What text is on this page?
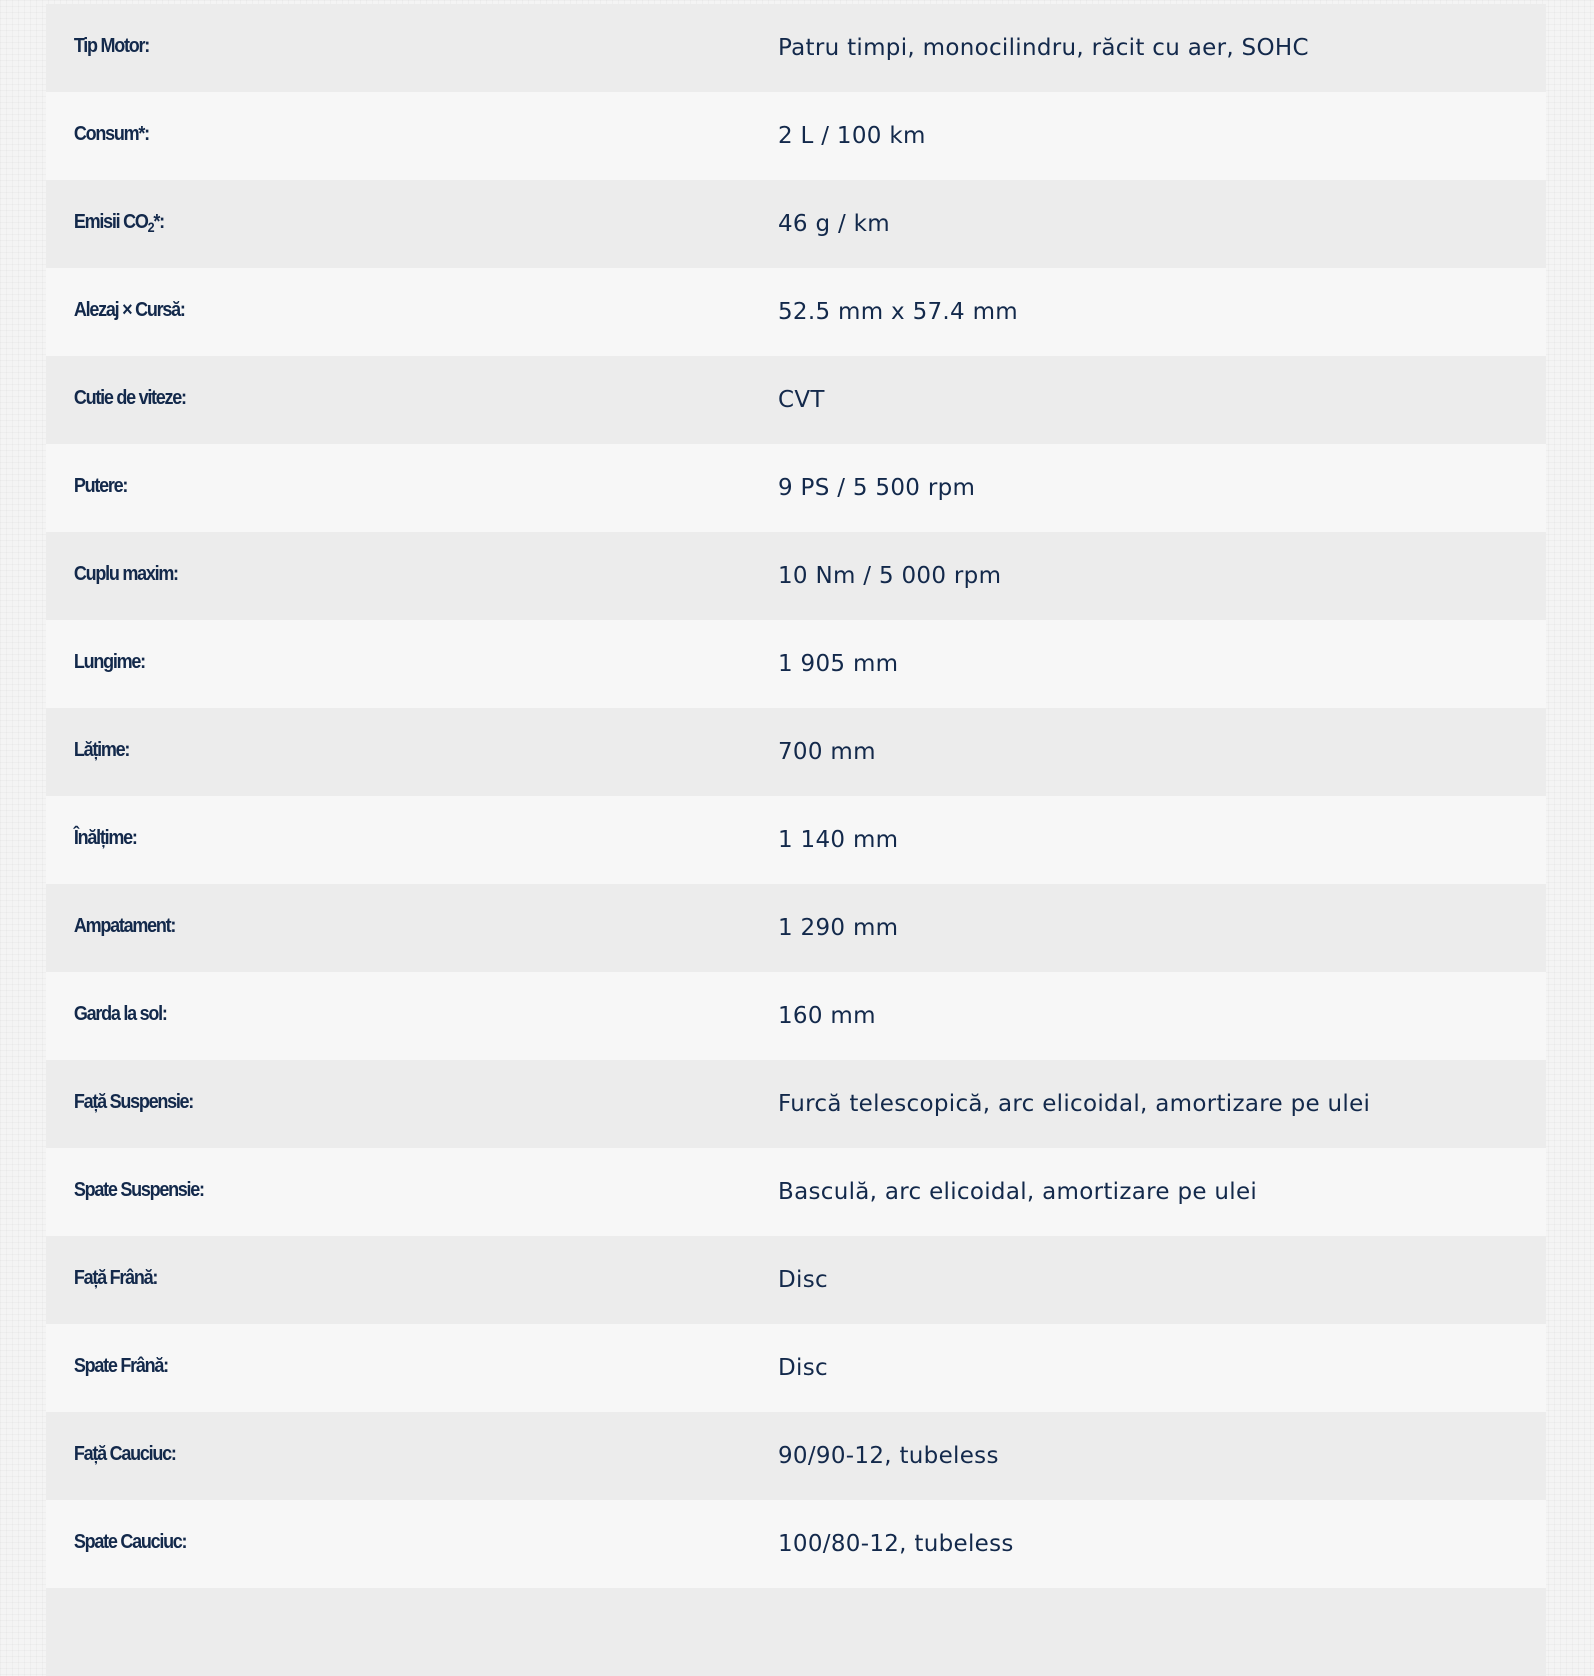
Tip Motor:	Patru timpi, monocilindru, răcit cu aer, SOHC
Consum*:	2 L / 100 km
Emisii $CO_2*$:	46 g / km
Alezaj × Cursă:	52.5 mm x 57.4 mm
Cutie de viteze:	CVT
Putere:	9 PS / 5 500 rpm
Cuplu maxim:	10 Nm / 5 000 rpm
Lungime:	1 905 mm
Lățime:	700 mm
Înălțime:	1 140 mm
Ampatament:	1 290 mm
Garda la sol:	160 mm
Față Suspensie:	Furcă telescopică, arc elicoidal, amortizare pe ulei
Spate Suspensie:	Basculă, arc elicoidal, amortizare pe ulei
Față Frână:	Disc
Spate Frână:	Disc
Față Cauciuc:	90/90-12, tubeless
Spate Cauciuc:	100/80-12, tubeless
